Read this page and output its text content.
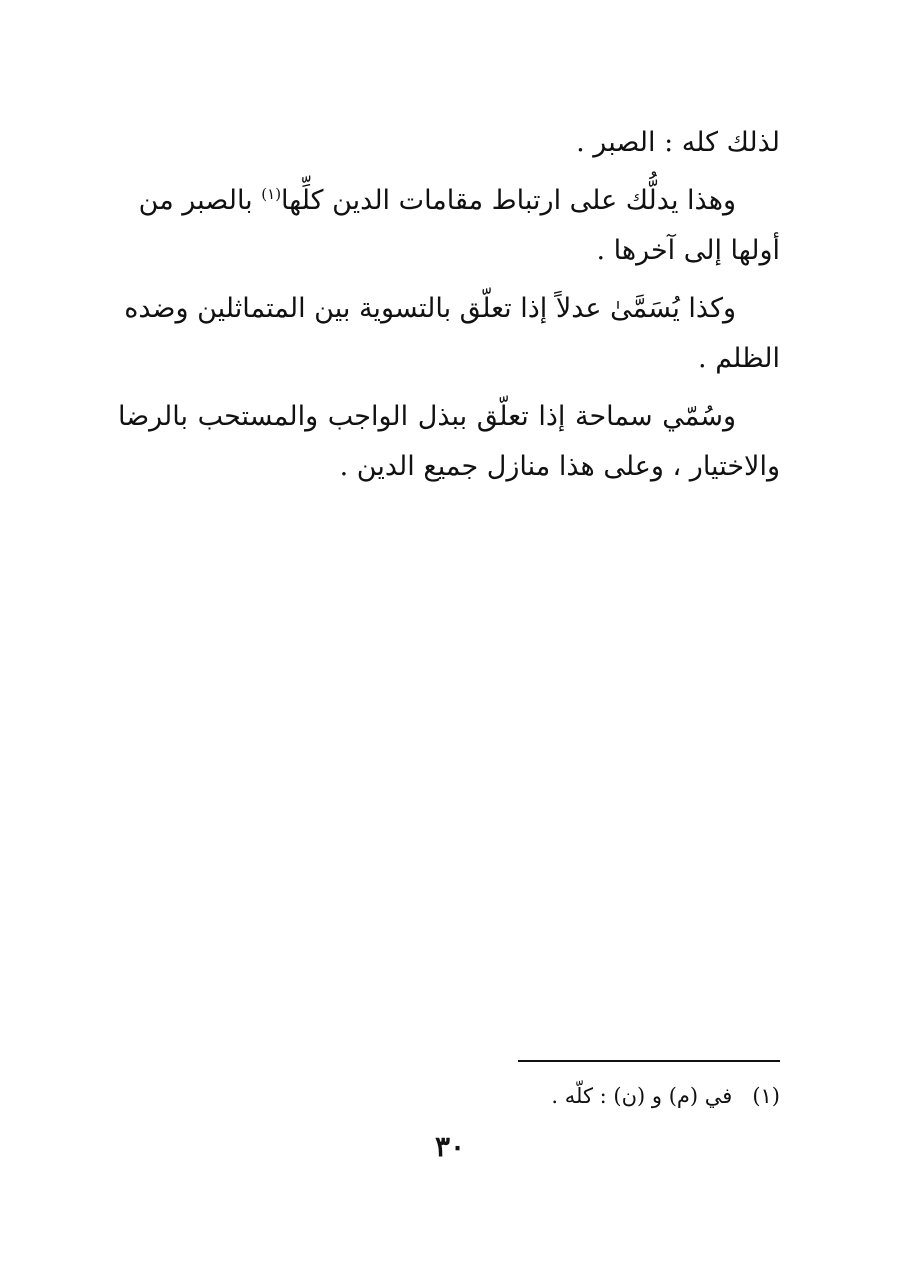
لذلك كله : الصبر .

وهذا يدلُّك على ارتباط مقامات الدين كلِّها$^{(١)}$ بالصبر من أولها إلى آخرها .

وكذا يُسَمَّىٰ عدلاً إذا تعلّق بالتسوية بين المتماثلين وضده الظلم .

وسُمّي سماحة إذا تعلّق ببذل الواجب والمستحب بالرضا والاختيار ، وعلى هذا منازل جميع الدين .

(١)في (م) و (ن) : كلّه .
٣٠
